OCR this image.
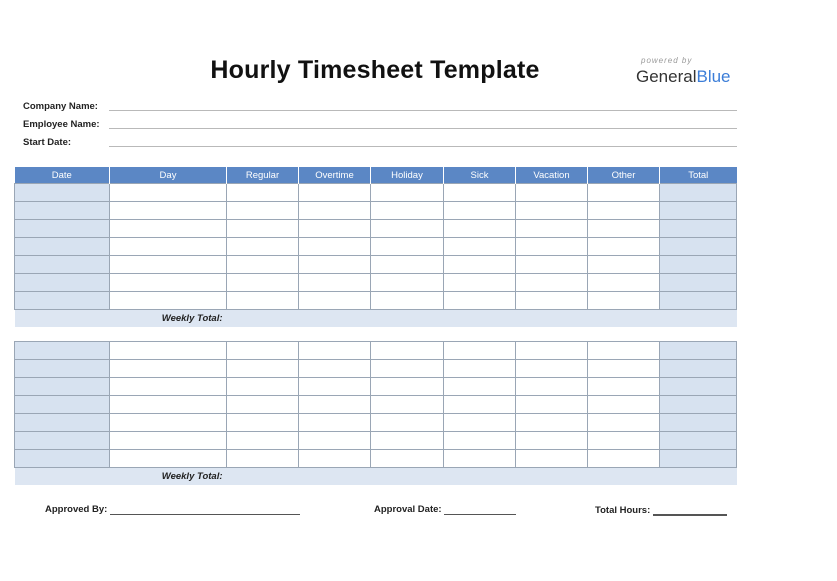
Hourly Timesheet Template	powered by
GeneralBlue
Company Name:
Employee Name:
Start Date:
Date	Day	Regular	Overtime	Holiday	Sick	Vacation	Other	Total

Weekly Total:								

Weekly Total:								
Approved By:	Approval Date:	Total Hours:
